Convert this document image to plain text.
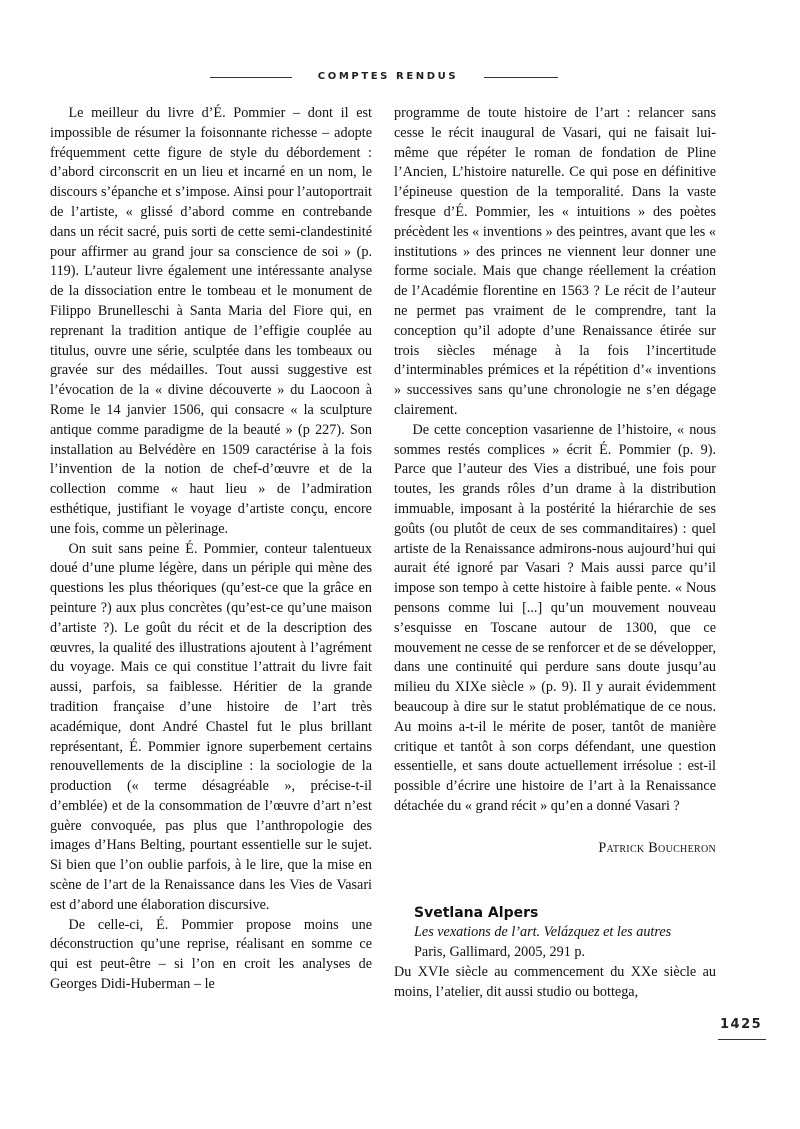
COMPTES RENDUS

Le meilleur du livre d’É. Pommier – dont il est impossible de résumer la foisonnante richesse – adopte fréquemment cette figure de style du débordement : d’abord circonscrit en un lieu et incarné en un nom, le discours s’épanche et s’impose. Ainsi pour l’autoportrait de l’artiste, « glissé d’abord comme en contrebande dans un récit sacré, puis sorti de cette semi-clandestinité pour affirmer au grand jour sa conscience de soi » (p. 119). L’auteur livre également une intéressante analyse de la dissociation entre le tombeau et le monument de Filippo Brunelleschi à Santa Maria del Fiore qui, en reprenant la tradition antique de l’effigie couplée au titulus, ouvre une série, sculptée dans les tombeaux ou gravée sur des médailles. Tout aussi suggestive est l’évocation de la « divine découverte » du Laocoon à Rome le 14 janvier 1506, qui consacre « la sculpture antique comme paradigme de la beauté » (p 227). Son installation au Belvédère en 1509 caractérise à la fois l’invention de la notion de chef-d’œuvre et de la collection comme « haut lieu » de l’admiration esthétique, justifiant le voyage d’artiste conçu, encore une fois, comme un pèlerinage.

On suit sans peine É. Pommier, conteur talentueux doué d’une plume légère, dans un périple qui mène des questions les plus théoriques (qu’est-ce que la grâce en peinture ?) aux plus concrètes (qu’est-ce qu’une maison d’artiste ?). Le goût du récit et de la description des œuvres, la qualité des illustrations ajoutent à l’agrément du voyage. Mais ce qui constitue l’attrait du livre fait aussi, parfois, sa faiblesse. Héritier de la grande tradition française d’une histoire de l’art très académique, dont André Chastel fut le plus brillant représentant, É. Pommier ignore superbement certains renouvellements de la discipline : la sociologie de la production (« terme désagréable », précise-t-il d’emblée) et de la consommation de l’œuvre d’art n’est guère convoquée, pas plus que l’anthropologie des images d’Hans Belting, pourtant essentielle sur le sujet. Si bien que l’on oublie parfois, à le lire, que la mise en scène de l’art de la Renaissance dans les Vies de Vasari est d’abord une élaboration discursive.

De celle-ci, É. Pommier propose moins une déconstruction qu’une reprise, réalisant en somme ce qui est peut-être – si l’on en croit les analyses de Georges Didi-Huberman – le

programme de toute histoire de l’art : relancer sans cesse le récit inaugural de Vasari, qui ne faisait lui-même que répéter le roman de fondation de Pline l’Ancien, L’histoire naturelle. Ce qui pose en définitive l’épineuse question de la temporalité. Dans la vaste fresque d’É. Pommier, les « intuitions » des poètes précèdent les « inventions » des peintres, avant que les « institutions » des princes ne viennent leur donner une forme sociale. Mais que change réellement la création de l’Académie florentine en 1563 ? Le récit de l’auteur ne permet pas vraiment de le comprendre, tant la conception qu’il adopte d’une Renaissance étirée sur trois siècles ménage à la fois l’incertitude d’interminables prémices et la répétition d’« inventions » successives sans qu’une chronologie ne s’en dégage clairement.

De cette conception vasarienne de l’histoire, « nous sommes restés complices » écrit É. Pommier (p. 9). Parce que l’auteur des Vies a distribué, une fois pour toutes, les grands rôles d’un drame à la distribution immuable, imposant à la postérité la hiérarchie de ses goûts (ou plutôt de ceux de ses commanditaires) : quel artiste de la Renaissance admirons-nous aujourd’hui qui aurait été ignoré par Vasari ? Mais aussi parce qu’il impose son tempo à cette histoire à faible pente. « Nous pensons comme lui [...] qu’un mouvement nouveau s’esquisse en Toscane autour de 1300, que ce mouvement ne cesse de se renforcer et de se développer, dans une continuité qui perdure sans doute jusqu’au milieu du XIXe siècle » (p. 9). Il y aurait évidemment beaucoup à dire sur le statut problématique de ce nous. Au moins a-t-il le mérite de poser, tantôt de manière critique et tantôt à son corps défendant, une question essentielle, et sans doute actuellement irrésolue : est-il possible d’écrire une histoire de l’art à la Renaissance détachée du « grand récit » qu’en a donné Vasari ?

Patrick Boucheron
Svetlana Alpers
Les vexations de l’art. Velázquez et les autres
Paris, Gallimard, 2005, 291 p.

Du XVIe siècle au commencement du XXe siècle au moins, l’atelier, dit aussi studio ou bottega,

1425
